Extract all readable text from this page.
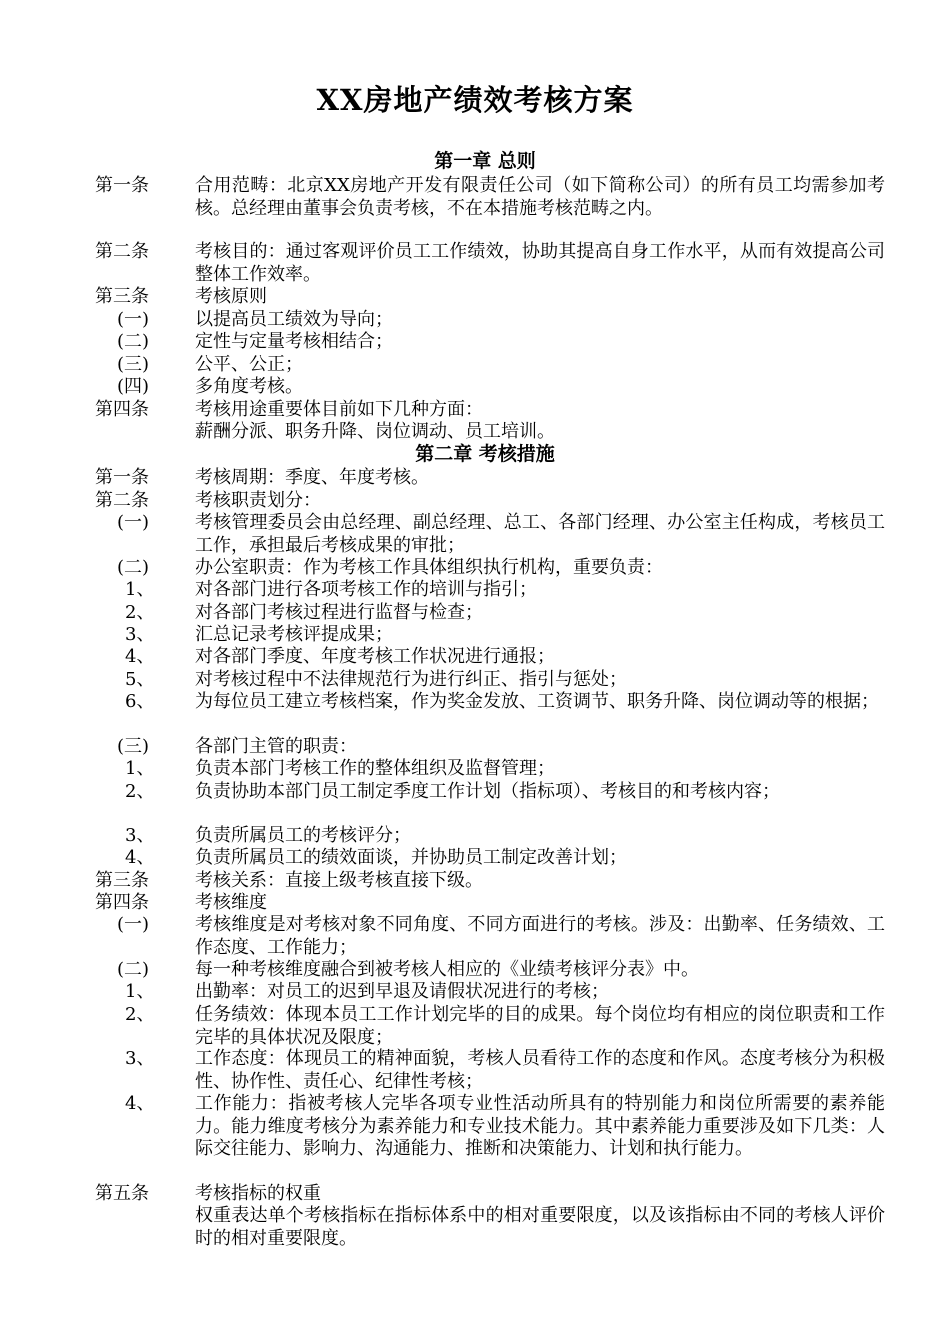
XX房地产绩效考核方案
第一章 总则
第一条	合用范畴：北京XX房地产开发有限责任公司（如下简称公司）的所有员工均需参加考核。总经理由董事会负责考核，不在本措施考核范畴之内。
第二条	考核目的：通过客观评价员工工作绩效，协助其提高自身工作水平，从而有效提高公司整体工作效率。
第三条	考核原则
(一)	以提高员工绩效为导向；
(二)	定性与定量考核相结合；
(三)	公平、公正；
(四)	多角度考核。
第四条	考核用途重要体目前如下几种方面：
薪酬分派、职务升降、岗位调动、员工培训。
第二章 考核措施
第一条	考核周期：季度、年度考核。
第二条	考核职责划分：
(一)	考核管理委员会由总经理、副总经理、总工、各部门经理、办公室主任构成，考核员工工作，承担最后考核成果的审批；
(二)	办公室职责：作为考核工作具体组织执行机构，重要负责：
1、	对各部门进行各项考核工作的培训与指引；
2、	对各部门考核过程进行监督与检查；
3、	汇总记录考核评提成果；
4、	对各部门季度、年度考核工作状况进行通报；
5、	对考核过程中不法律规范行为进行纠正、指引与惩处；
6、	为每位员工建立考核档案，作为奖金发放、工资调节、职务升降、岗位调动等的根据；
(三)	各部门主管的职责：
1、	负责本部门考核工作的整体组织及监督管理；
2、	负责协助本部门员工制定季度工作计划（指标项）、考核目的和考核内容；
3、	负责所属员工的考核评分；
4、	负责所属员工的绩效面谈，并协助员工制定改善计划；
第三条	考核关系：直接上级考核直接下级。
第四条	考核维度
(一)	考核维度是对考核对象不同角度、不同方面进行的考核。涉及：出勤率、任务绩效、工作态度、工作能力；
(二)	每一种考核维度融合到被考核人相应的《业绩考核评分表》中。
1、	出勤率：对员工的迟到早退及请假状况进行的考核；
2、	任务绩效：体现本员工工作计划完毕的目的成果。每个岗位均有相应的岗位职责和工作完毕的具体状况及限度；
3、	工作态度：体现员工的精神面貌，考核人员看待工作的态度和作风。态度考核分为积极性、协作性、责任心、纪律性考核；
4、	工作能力：指被考核人完毕各项专业性活动所具有的特别能力和岗位所需要的素养能力。能力维度考核分为素养能力和专业技术能力。其中素养能力重要涉及如下几类：人际交往能力、影响力、沟通能力、推断和决策能力、计划和执行能力。
第五条	考核指标的权重
权重表达单个考核指标在指标体系中的相对重要限度，以及该指标由不同的考核人评价时的相对重要限度。
